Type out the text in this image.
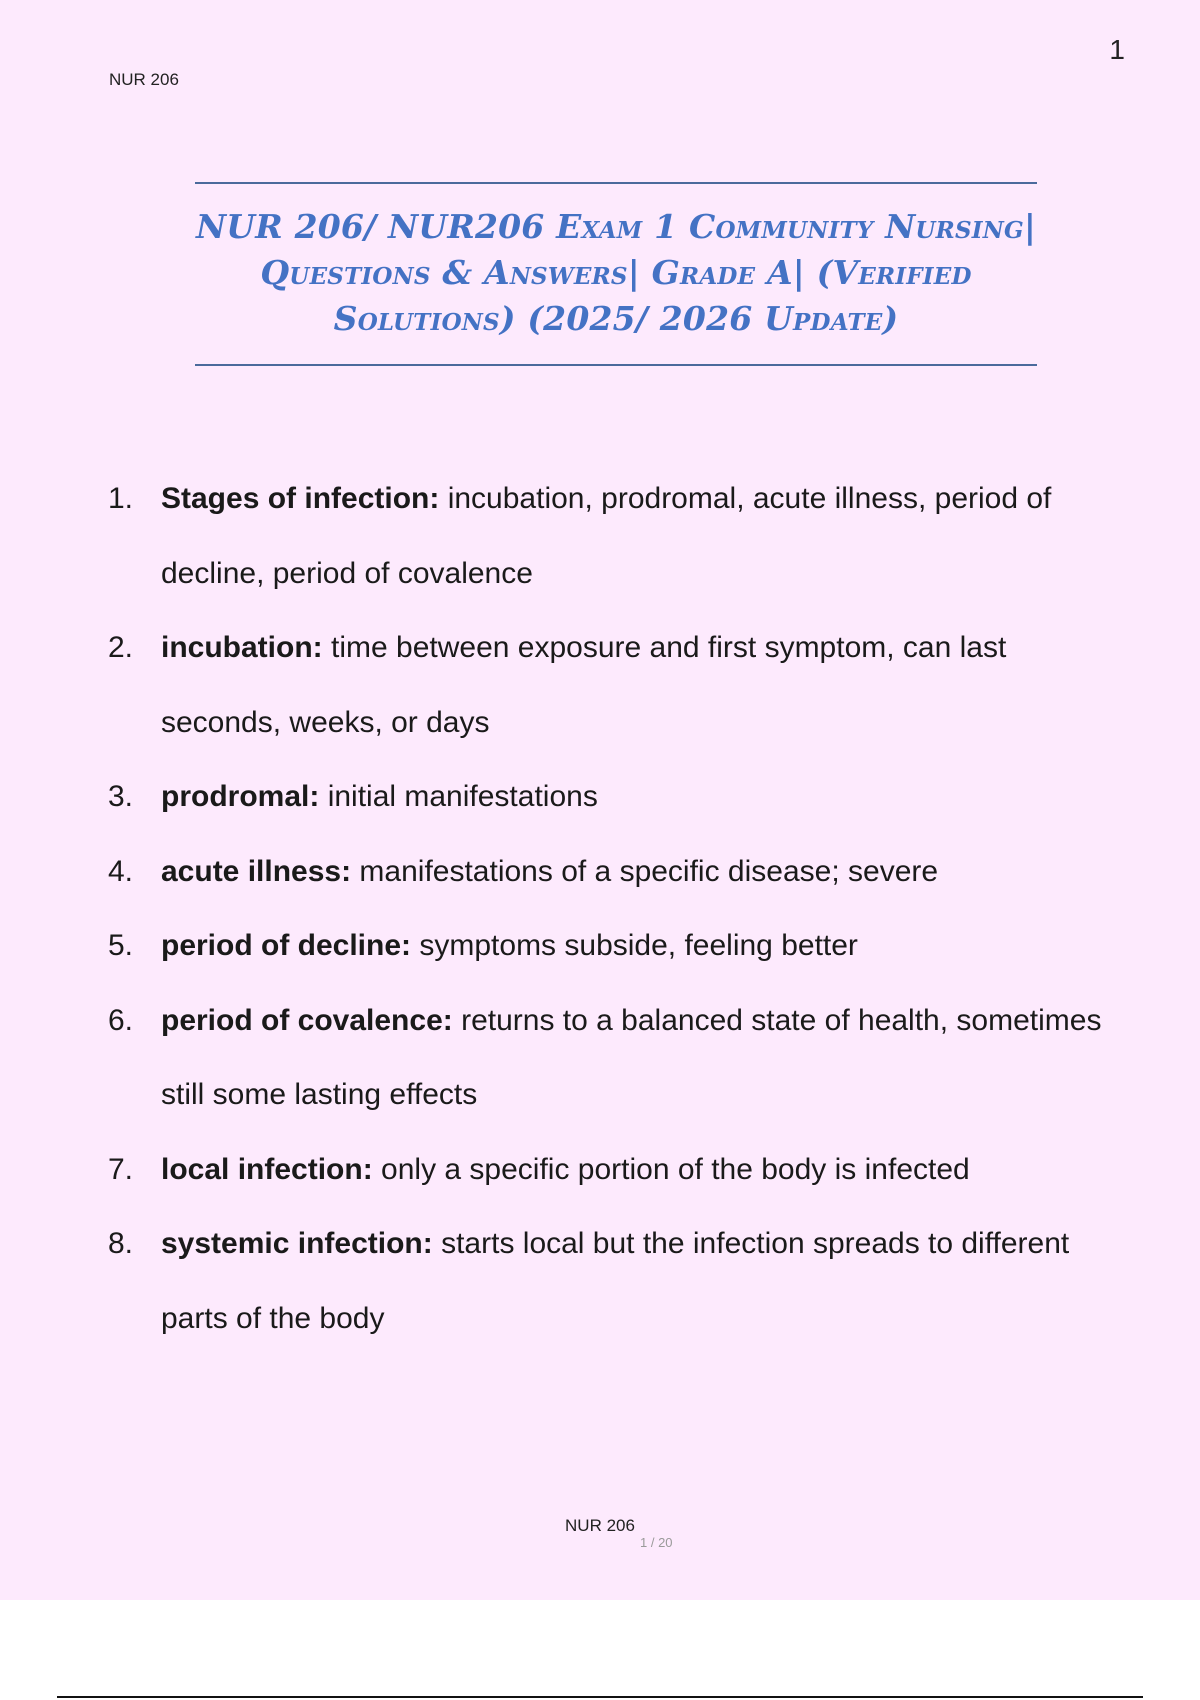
NUR 206
1
NUR 206/ NUR206 Exam 1 Community Nursing| Questions & Answers| Grade A| (Verified Solutions) (2025/ 2026 Update)
1. Stages of infection: incubation, prodromal, acute illness, period of decline, period of covalence
2. incubation: time between exposure and first symptom, can last seconds, weeks, or days
3. prodromal: initial manifestations
4. acute illness: manifestations of a specific disease; severe
5. period of decline: symptoms subside, feeling better
6. period of covalence: returns to a balanced state of health, sometimes still some lasting effects
7. local infection: only a specific portion of the body is infected
8. systemic infection: starts local but the infection spreads to different parts of the body
NUR 206
1 / 20
